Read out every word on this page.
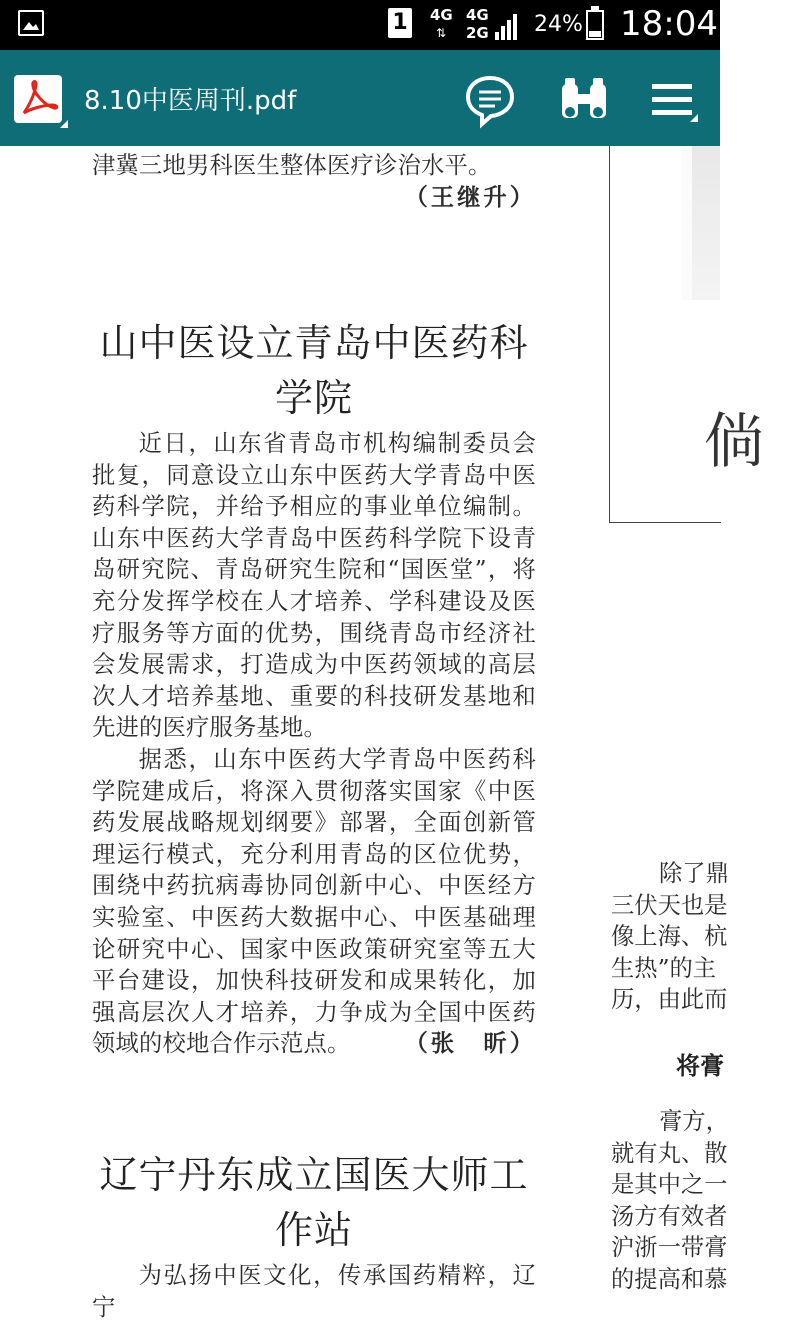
1 4G
⇅
4G
2G 24% 18:04
8.10中医周刊.pdf

津冀三地男科医生整体医疗诊治水平。

（王继升）
山中医设立青岛中医药科学院

近日，山东省青岛市机构编制委员会批复，同意设立山东中医药大学青岛中医药科学院，并给予相应的事业单位编制。山东中医药大学青岛中医药科学院下设青岛研究院、青岛研究生院和“国医堂”，将充分发挥学校在人才培养、学科建设及医疗服务等方面的优势，围绕青岛市经济社会发展需求，打造成为中医药领域的高层次人才培养基地、重要的科技研发基地和先进的医疗服务基地。

据悉，山东中医药大学青岛中医药科学院建成后，将深入贯彻落实国家《中医药发展战略规划纲要》部署，全面创新管理运行模式，充分利用青岛的区位优势，围绕中药抗病毒协同创新中心、中医经方实验室、中医药大数据中心、中医基础理论研究中心、国家中医政策研究室等五大平台建设，加快科技研发和成果转化，加强高层次人才培养，力争成为全国中医药领域的校地合作示范点。	（张　昕）
辽宁丹东成立国医大师工作站

为弘扬中医文化，传承国药精粹，辽宁

倘
除了鼎
三伏天也是
像上海、杭
生热”的主
历，由此而
将膏
膏方，
就有丸、散
是其中之一
汤方有效者
沪浙一带膏
的提高和慕
